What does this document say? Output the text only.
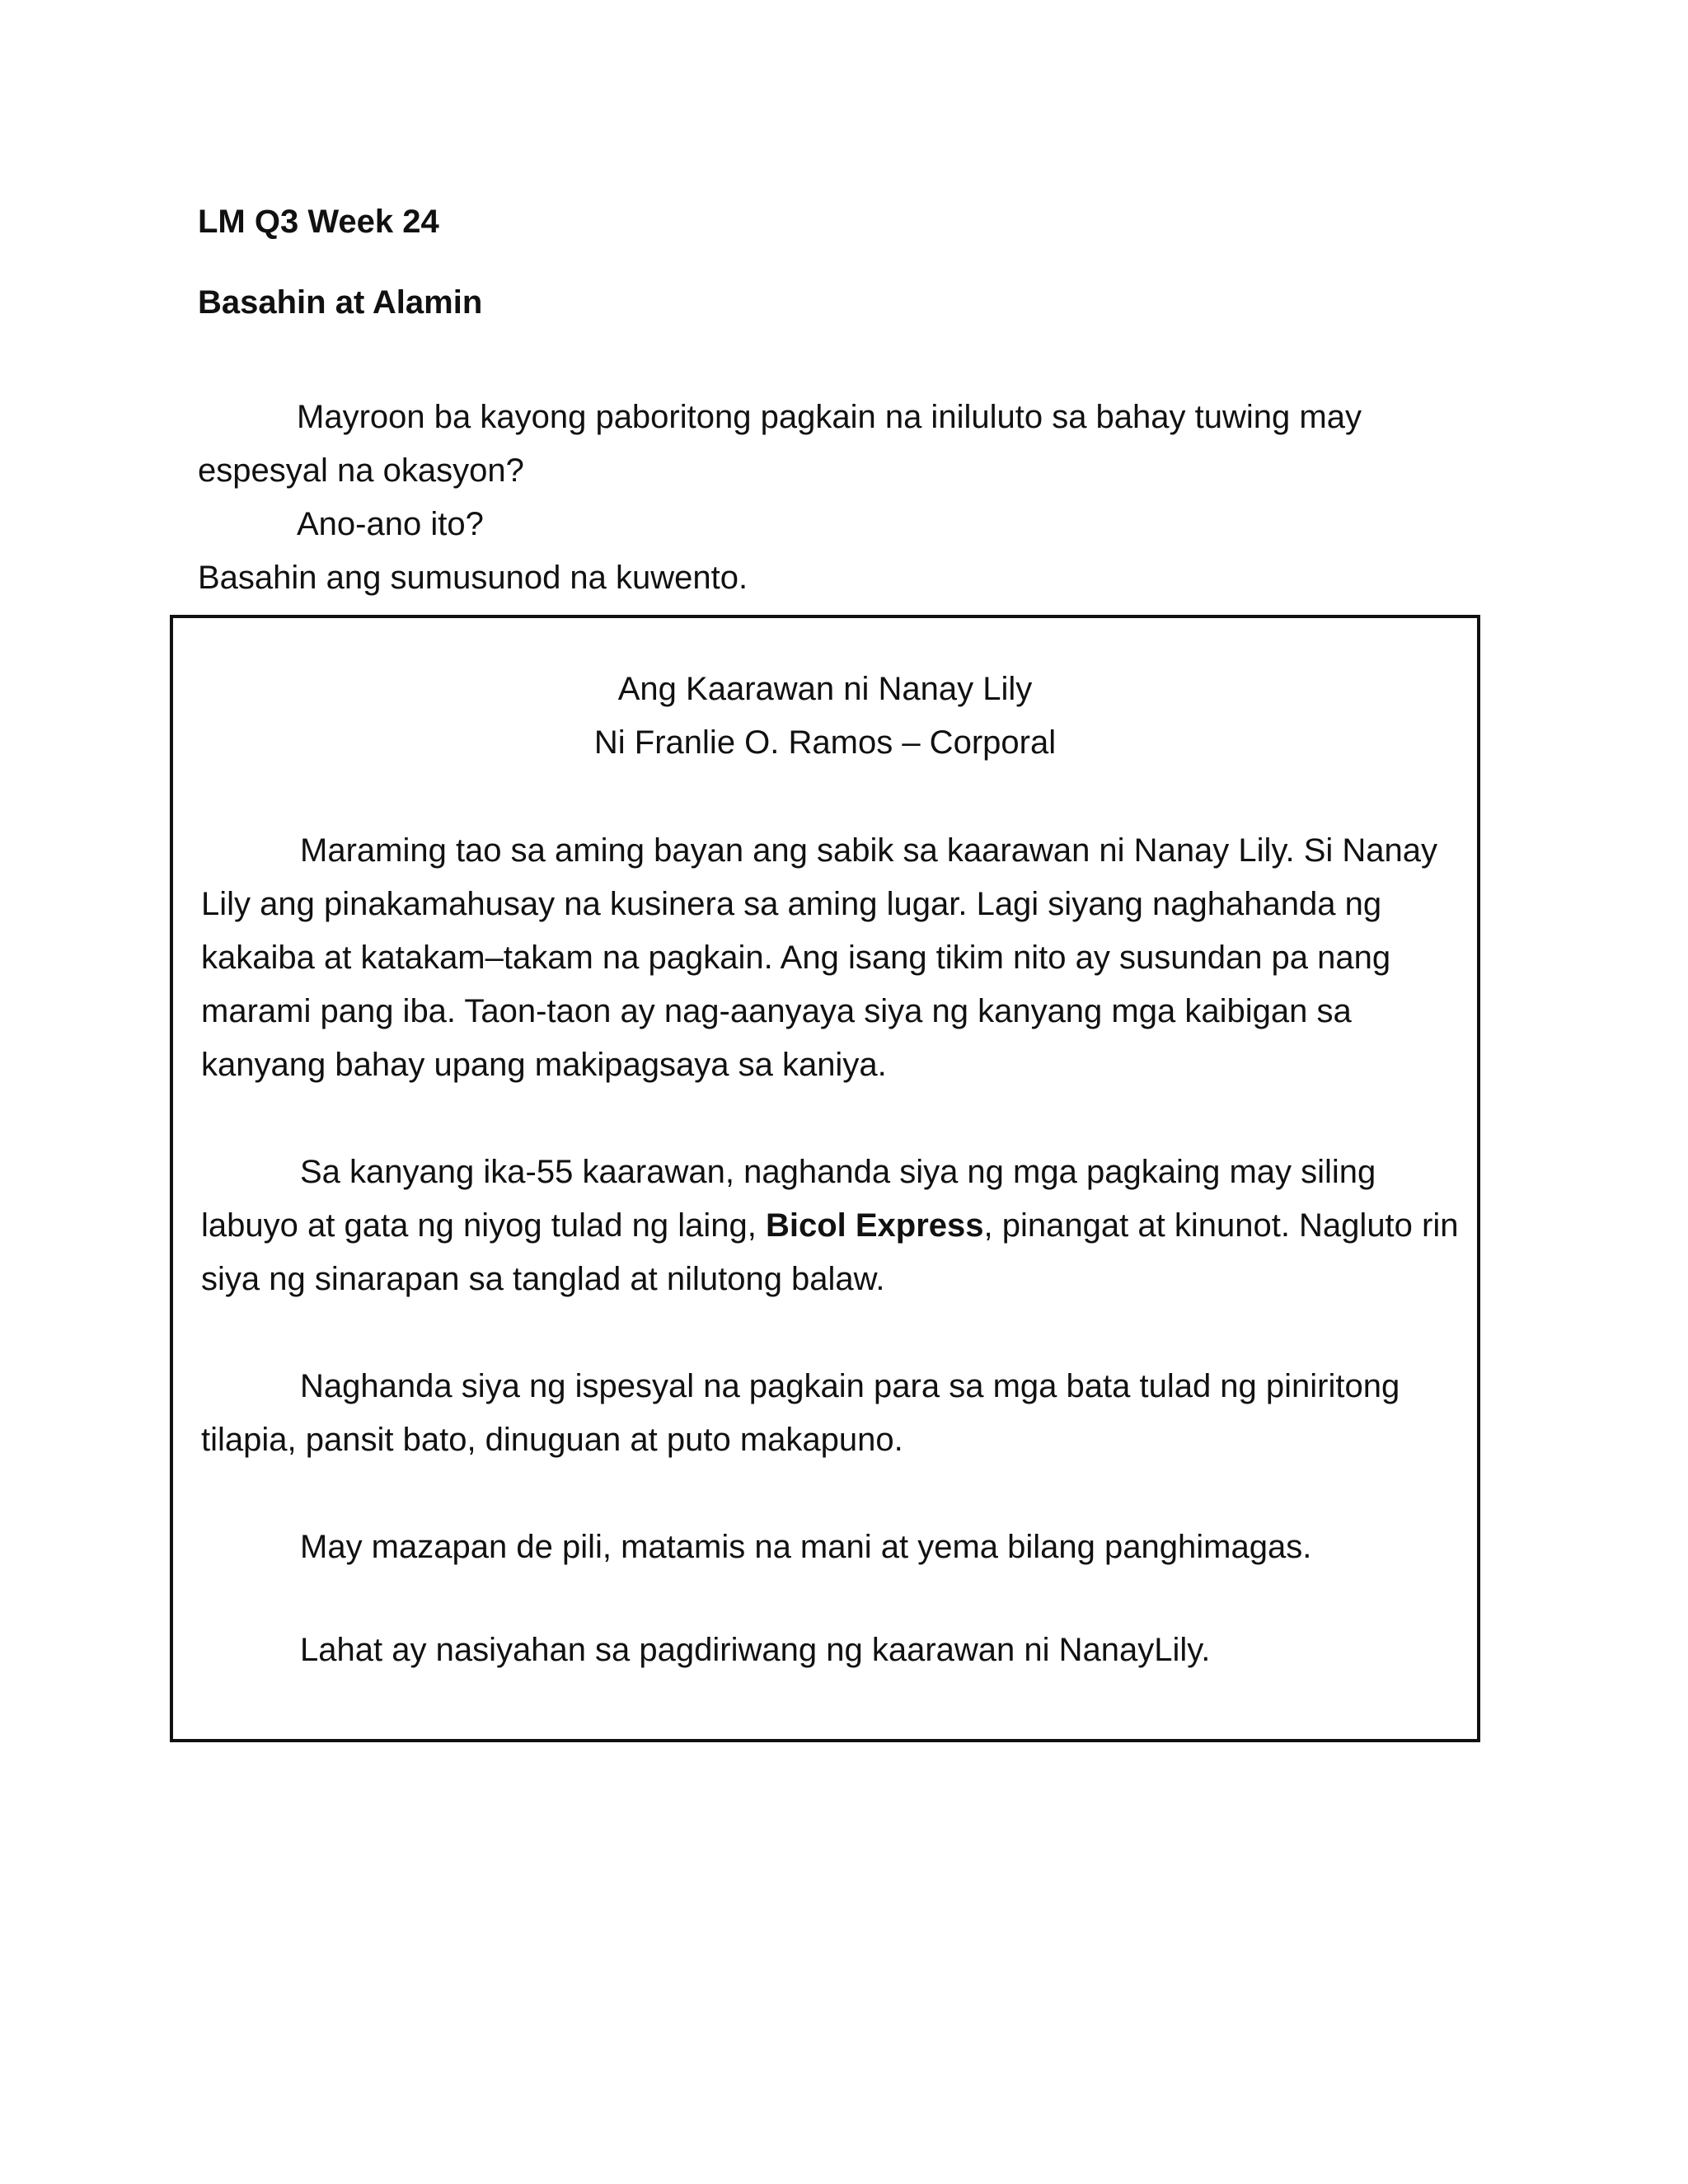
LM Q3 Week 24
Basahin at Alamin

Mayroon ba kayong paboritong pagkain na iniluluto sa bahay tuwing may espesyal na okasyon?

Ano-ano ito?

Basahin ang sumusunod na kuwento.

Ang Kaarawan ni Nanay Lily
Ni Franlie O. Ramos – Corporal

Maraming tao sa aming bayan ang sabik sa kaarawan ni Nanay Lily. Si Nanay Lily ang pinakamahusay na kusinera sa aming lugar. Lagi siyang naghahanda ng kakaiba at katakam–takam na pagkain. Ang isang tikim nito ay susundan pa nang marami pang iba. Taon-taon ay nag-aanyaya siya ng kanyang mga kaibigan sa kanyang bahay upang makipagsaya sa kaniya.

Sa kanyang ika-55 kaarawan, naghanda siya ng mga pagkaing may siling labuyo at gata ng niyog tulad ng laing, Bicol Express, pinangat at kinunot. Nagluto rin siya ng sinarapan sa tanglad at nilutong balaw.

Naghanda siya ng ispesyal na pagkain para sa mga bata tulad ng piniritong tilapia, pansit bato, dinuguan at puto makapuno.

May mazapan de pili, matamis na mani at yema bilang panghimagas.

Lahat ay nasiyahan sa pagdiriwang ng kaarawan ni NanayLily.
